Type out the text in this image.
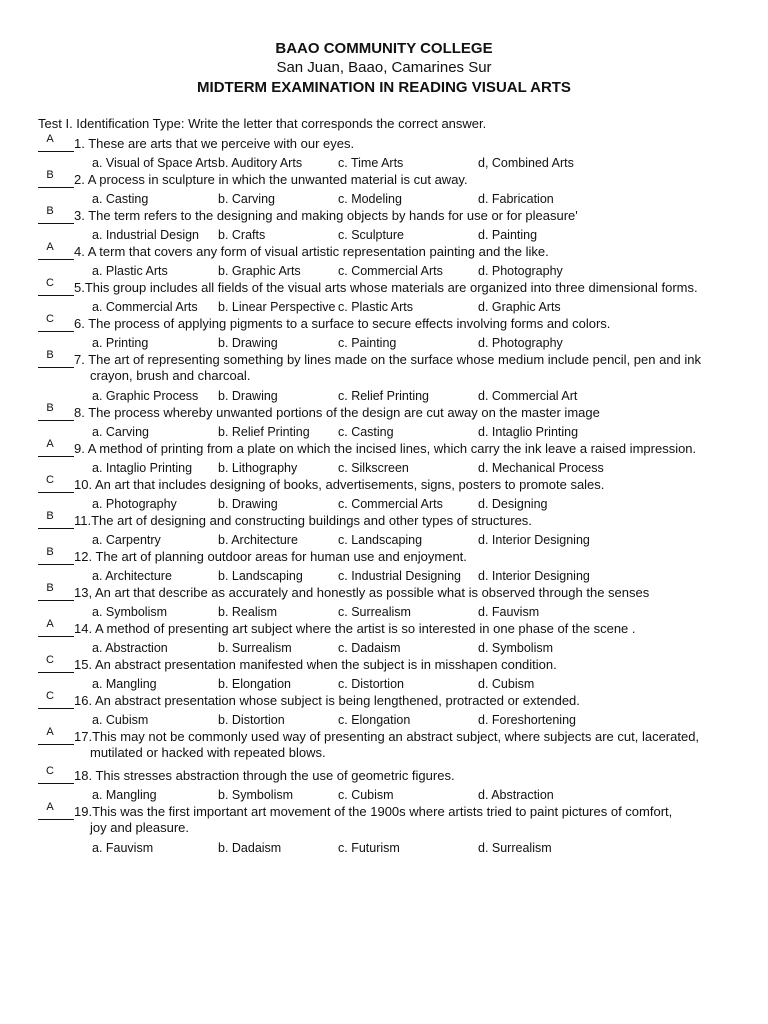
BAAO COMMUNITY COLLEGE
San Juan, Baao, Camarines Sur
MIDTERM EXAMINATION IN READING VISUAL ARTS
Test I. Identification Type: Write the letter that corresponds the correct answer.
A	1. These are arts that we perceive with our eyes.
a. Visual of Space Arts b. Auditory Arts	c. Time Arts	d, Combined Arts
B	2. A process in sculpture in which the unwanted material is cut away.
a. Casting	b. Carving	c. Modeling	d. Fabrication
B	3. The term refers to the designing and making objects by hands for use or for pleasure'
a. Industrial Design b. Crafts	c. Sculpture	d. Painting
A	4. A term that covers any form of visual artistic representation painting and the like.
a. Plastic Arts	b. Graphic Arts	c. Commercial Arts	d. Photography
C	5.This group includes all fields of the visual arts whose materials are organized into three dimensional forms.
a. Commercial Arts b. Linear Perspective c. Plastic Arts	d. Graphic Arts
C	6. The process of applying pigments to a surface to secure effects involving forms and colors.
a. Printing	b. Drawing	c. Painting	d. Photography
B	7. The art of representing something by lines made on the surface whose medium include pencil, pen and ink
crayon, brush and charcoal.
a. Graphic Process b. Drawing	c. Relief Printing	d. Commercial Art
B	8. The process whereby unwanted portions of the design are cut away on the master image
a. Carving	b. Relief Printing c. Casting	d. Intaglio Printing
A	9. A method of printing from a plate on which the incised lines, which carry the ink leave a raised impression.
a. Intaglio Printing b. Lithography	c. Silkscreen	d. Mechanical Process
C	10. An art that includes designing of books, advertisements, signs, posters to promote sales.
a. Photography	b. Drawing	c. Commercial Arts	d. Designing
B	11.The art of designing and constructing buildings and other types of structures.
a. Carpentry	b. Architecture	c. Landscaping	d. Interior Designing
B	12. The art of planning outdoor areas for human use and enjoyment.
a. Architecture	b. Landscaping	c. Industrial Designing d. Interior Designing
B	13, An art that describe as accurately and honestly as possible what is observed through the senses
a. Symbolism	b. Realism	c. Surrealism	d. Fauvism
A	14. A method of presenting art subject where the artist is so interested in one phase of the scene .
a. Abstraction	b. Surrealism	c. Dadaism	d. Symbolism
C	15. An abstract presentation manifested when the subject is in misshapen condition.
a. Mangling	b. Elongation	c. Distortion	d. Cubism
C	16. An abstract presentation whose subject is being lengthened, protracted or extended.
a. Cubism	b. Distortion	c. Elongation	d. Foreshortening
A	17.This may not be commonly used way of presenting an abstract subject, where subjects are cut, lacerated,
mutilated or hacked with repeated blows.
C	18. This stresses abstraction through the use of geometric figures.
a. Mangling	b. Symbolism	c. Cubism	d. Abstraction
A	19.This was the first important art movement of the 1900s where artists tried to paint pictures of comfort,
joy and pleasure.
a. Fauvism	b. Dadaism	c. Futurism	d. Surrealism
